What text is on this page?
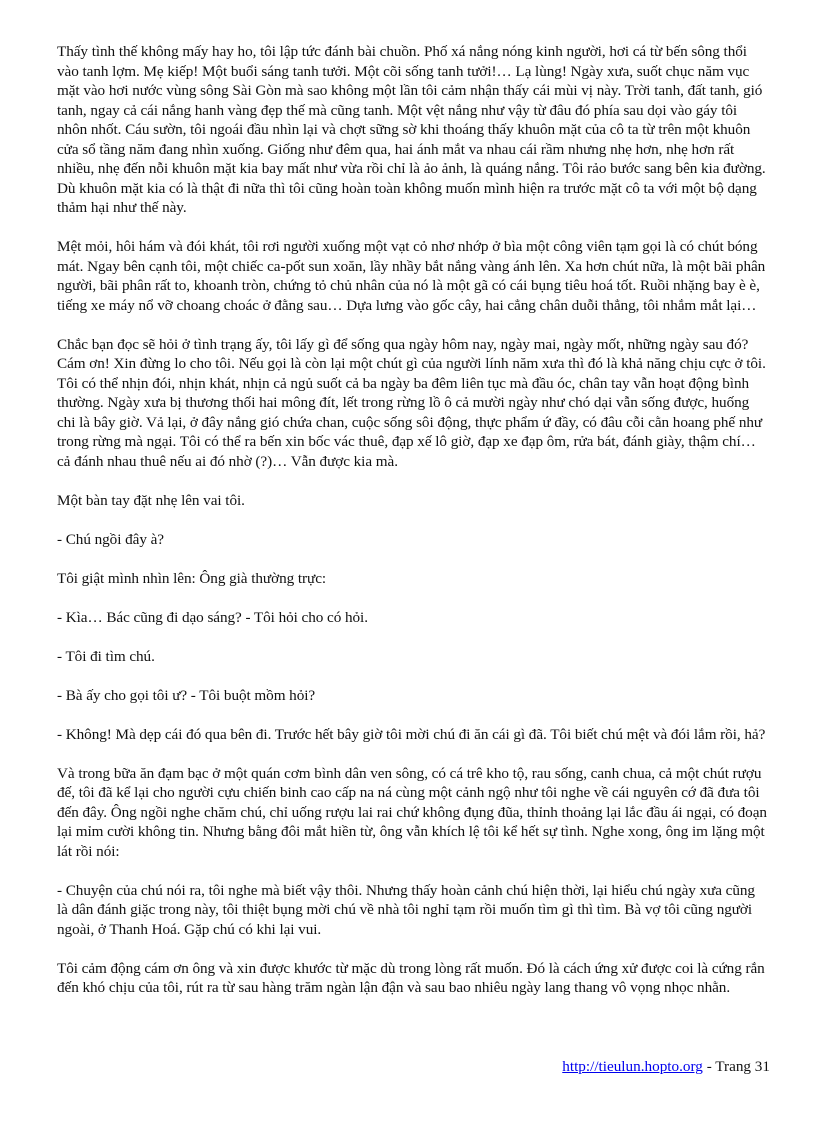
Thấy tình thế không mấy hay ho, tôi lập tức đánh bài chuồn. Phố xá nắng nóng kinh người, hơi cá từ bến sông thổi vào tanh lợm. Mẹ kiếp! Một buổi sáng tanh tưởi. Một cõi sống tanh tưởi!… Lạ lùng! Ngày xưa, suốt chục năm vục mặt vào hơi nước vùng sông Sài Gòn mà sao không một lần tôi cảm nhận thấy cái mùi vị này. Trời tanh, đất tanh, gió tanh, ngay cả cái nắng hanh vàng đẹp thế mà cũng tanh. Một vệt nắng như vậy từ đâu đó phía sau dọi vào gáy tôi nhôn nhốt. Cáu sườn, tôi ngoái đầu nhìn lại và chợt sững sờ khi thoáng thấy khuôn mặt của cô ta từ trên một khuôn cửa sổ tầng năm đang nhìn xuống. Giống như đêm qua, hai ánh mắt va nhau cái rầm nhưng nhẹ hơn, nhẹ hơn rất nhiều, nhẹ đến nỗi khuôn mặt kia bay mất như vừa rồi chỉ là ảo ảnh, là quáng nắng. Tôi rảo bước sang bên kia đường. Dù khuôn mặt kia có là thật đi nữa thì tôi cũng hoàn toàn không muốn mình hiện ra trước mặt cô ta với một bộ dạng thảm hại như thế này.

Mệt mỏi, hôi hám và đói khát, tôi rơi người xuống một vạt cỏ nhơ nhớp ở bìa một công viên tạm gọi là có chút bóng mát. Ngay bên cạnh tôi, một chiếc ca-pốt sun xoăn, lầy nhầy bắt nắng vàng ánh lên. Xa hơn chút nữa, là một bãi phân người, bãi phân rất to, khoanh tròn, chứng tỏ chủ nhân của nó là một gã có cái bụng tiêu hoá tốt. Ruồi nhặng bay è è, tiếng xe máy nổ vỡ choang choác ở đằng sau… Dựa lưng vào gốc cây, hai cẳng chân duỗi thẳng, tôi nhắm mắt lại…

Chắc bạn đọc sẽ hỏi ở tình trạng ấy, tôi lấy gì để sống qua ngày hôm nay, ngày mai, ngày mốt, những ngày sau đó? Cám ơn! Xin đừng lo cho tôi. Nếu gọi là còn lại một chút gì của người lính năm xưa thì đó là khả năng chịu cực ở tôi. Tôi có thể nhịn đói, nhịn khát, nhịn cả ngủ suốt cả ba ngày ba đêm liên tục mà đầu óc, chân tay vẫn hoạt động bình thường. Ngày xưa bị thương thối hai mông đít, lết trong rừng lồ ô cả mười ngày như chó dại vẫn sống được, huống chi là bây giờ. Vả lại, ở đây nắng gió chứa chan, cuộc sống sôi động, thực phẩm ứ đầy, có đâu cỗi cằn hoang phế như trong rừng mà ngại. Tôi có thể ra bến xin bốc vác thuê, đạp xế lô giờ, đạp xe đạp ôm, rửa bát, đánh giày, thậm chí… cả đánh nhau thuê nếu ai đó nhờ (?)… Vẫn được kia mà.

Một bàn tay đặt nhẹ lên vai tôi.

- Chú ngồi đây à?

Tôi giật mình nhìn lên: Ông già thường trực:

- Kìa… Bác cũng đi dạo sáng? - Tôi hỏi cho có hỏi.

- Tôi đi tìm chú.

- Bà ấy cho gọi tôi ư? - Tôi buột mồm hỏi?

- Không! Mà dẹp cái đó qua bên đi. Trước hết bây giờ tôi mời chú đi ăn cái gì đã. Tôi biết chú mệt và đói lắm rồi, hả?

Và trong bữa ăn đạm bạc ở một quán cơm bình dân ven sông, có cá trê kho tộ, rau sống, canh chua, cả một chút rượu đế, tôi đã kể lại cho người cựu chiến binh cao cấp na ná cùng một cảnh ngộ như tôi nghe về cái nguyên cớ đã đưa tôi đến đây. Ông ngồi nghe chăm chú, chỉ uống rượu lai rai chứ không đụng đũa, thỉnh thoảng lại lắc đầu ái ngại, có đoạn lại mỉm cười không tin. Nhưng bằng đôi mắt hiền từ, ông vẫn khích lệ tôi kể hết sự tình. Nghe xong, ông im lặng một lát rồi nói:

- Chuyện của chú nói ra, tôi nghe mà biết vậy thôi. Nhưng thấy hoàn cảnh chú hiện thời, lại hiểu chú ngày xưa cũng là dân đánh giặc trong này, tôi thiệt bụng mời chú về nhà tôi nghỉ tạm rồi muốn tìm gì thì tìm. Bà vợ tôi cũng người ngoài, ở Thanh Hoá. Gặp chú có khi lại vui.

Tôi cảm động cám ơn ông và xin được khước từ mặc dù trong lòng rất muốn. Đó là cách ứng xử được coi là cứng rắn đến khó chịu của tôi, rút ra từ sau hàng trăm ngàn lận đận và sau bao nhiêu ngày lang thang vô vọng nhọc nhằn.

http://tieulun.hopto.org - Trang 31
